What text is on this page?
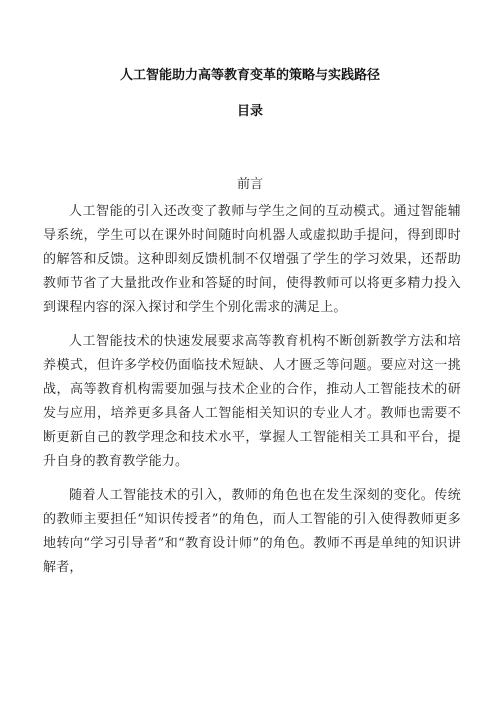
人工智能助力高等教育变革的策略与实践路径
目录
前言

人工智能的引入还改变了教师与学生之间的互动模式。通过智能辅导系统，学生可以在课外时间随时向机器人或虚拟助手提问，得到即时的解答和反馈。这种即刻反馈机制不仅增强了学生的学习效果，还帮助教师节省了大量批改作业和答疑的时间，使得教师可以将更多精力投入到课程内容的深入探讨和学生个别化需求的满足上。

人工智能技术的快速发展要求高等教育机构不断创新教学方法和培养模式，但许多学校仍面临技术短缺、人才匮乏等问题。要应对这一挑战，高等教育机构需要加强与技术企业的合作，推动人工智能技术的研发与应用，培养更多具备人工智能相关知识的专业人才。教师也需要不断更新自己的教学理念和技术水平，掌握人工智能相关工具和平台，提升自身的教育教学能力。

随着人工智能技术的引入，教师的角色也在发生深刻的变化。传统的教师主要担任“知识传授者”的角色，而人工智能的引入使得教师更多地转向“学习引导者”和“教育设计师”的角色。教师不再是单纯的知识讲解者，
